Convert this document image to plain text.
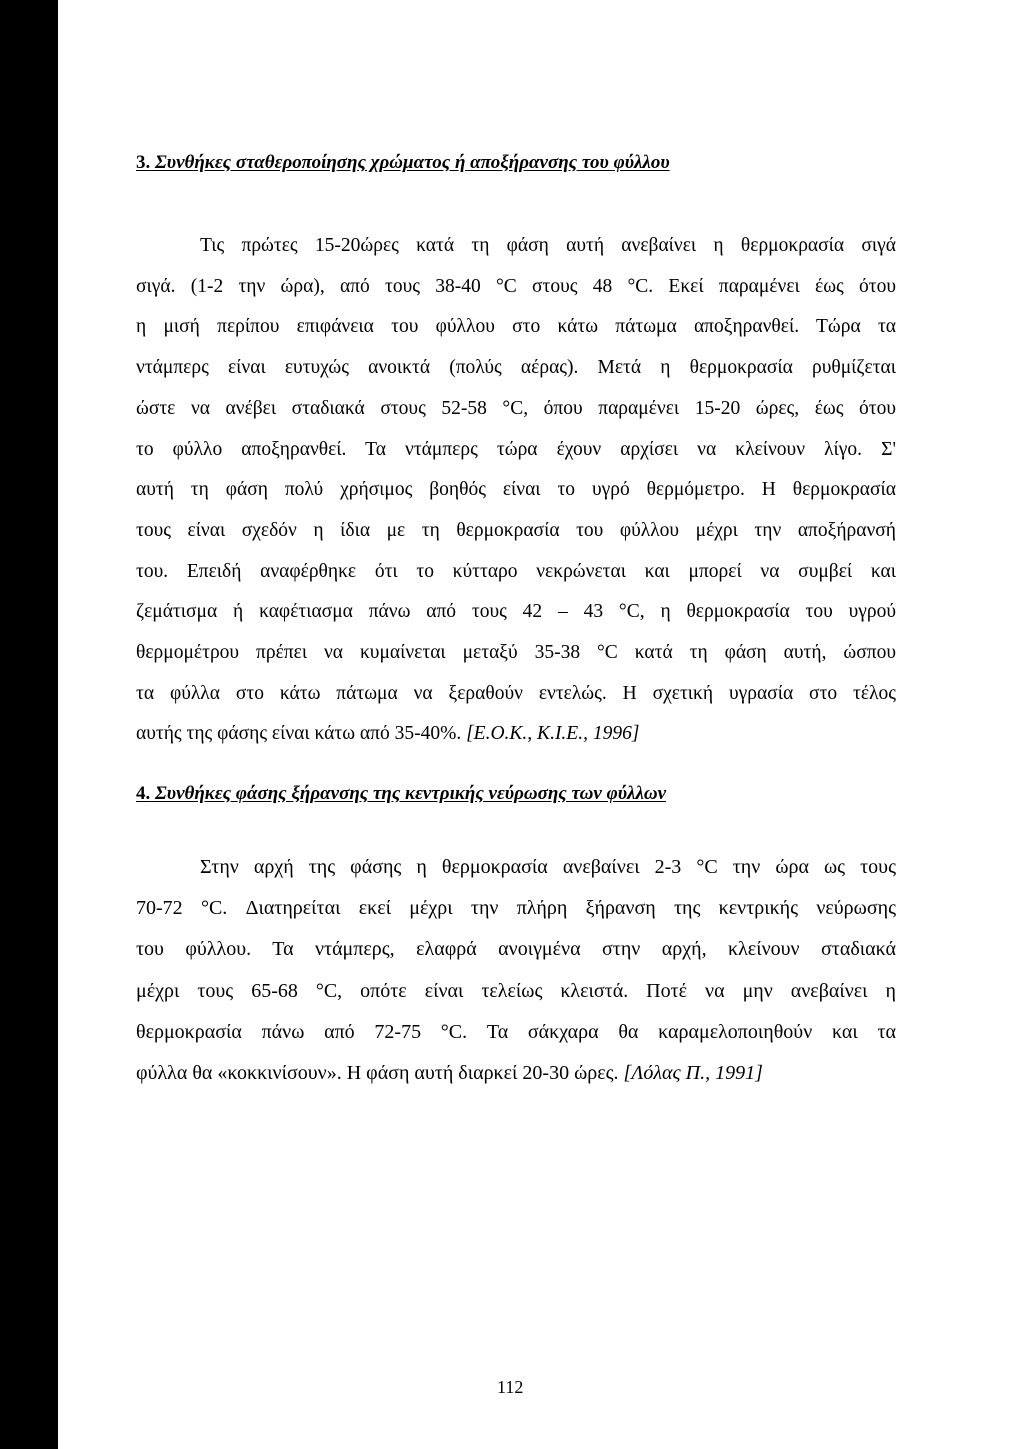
3. Συνθήκες σταθεροποίησης χρώματος ή αποξήρανσης του φύλλου

Τις πρώτες 15-20ώρες κατά τη φάση αυτή ανεβαίνει η θερμοκρασία σιγά
σιγά. (1-2 την ώρα), από τους 38-40 °C στους 48 °C. Εκεί παραμένει έως ότου
η μισή περίπου επιφάνεια του φύλλου στο κάτω πάτωμα αποξηρανθεί. Τώρα τα
ντάμπερς είναι ευτυχώς ανοικτά (πολύς αέρας). Μετά η θερμοκρασία ρυθμίζεται
ώστε να ανέβει σταδιακά στους 52-58 °C, όπου παραμένει 15-20 ώρες, έως ότου
το φύλλο αποξηρανθεί. Τα ντάμπερς τώρα έχουν αρχίσει να κλείνουν λίγο. Σ'
αυτή τη φάση πολύ χρήσιμος βοηθός είναι το υγρό θερμόμετρο. Η θερμοκρασία
τους είναι σχεδόν η ίδια με τη θερμοκρασία του φύλλου μέχρι την αποξήρανσή
του. Επειδή αναφέρθηκε ότι το κύτταρο νεκρώνεται και μπορεί να συμβεί και
ζεμάτισμα ή καφέτιασμα πάνω από τους 42 – 43 °C, η θερμοκρασία του υγρού
θερμομέτρου πρέπει να κυμαίνεται μεταξύ 35-38 °C κατά τη φάση αυτή, ώσπου
τα φύλλα στο κάτω πάτωμα να ξεραθούν εντελώς. Η σχετική υγρασία στο τέλος
αυτής της φάσης είναι κάτω από 35-40%. [Ε.Ο.Κ., Κ.Ι.Ε., 1996]

4. Συνθήκες φάσης ξήρανσης της κεντρικής νεύρωσης των φύλλων

Στην αρχή της φάσης η θερμοκρασία ανεβαίνει 2-3 °C την ώρα ως τους
70-72 °C. Διατηρείται εκεί μέχρι την πλήρη ξήρανση της κεντρικής νεύρωσης
του φύλλου. Τα ντάμπερς, ελαφρά ανοιγμένα στην αρχή, κλείνουν σταδιακά
μέχρι τους 65-68 °C, οπότε είναι τελείως κλειστά. Ποτέ να μην ανεβαίνει η
θερμοκρασία πάνω από 72-75 °C. Τα σάκχαρα θα καραμελοποιηθούν και τα
φύλλα θα «κοκκινίσουν». Η φάση αυτή διαρκεί 20-30 ώρες. [Λόλας Π., 1991]

112
